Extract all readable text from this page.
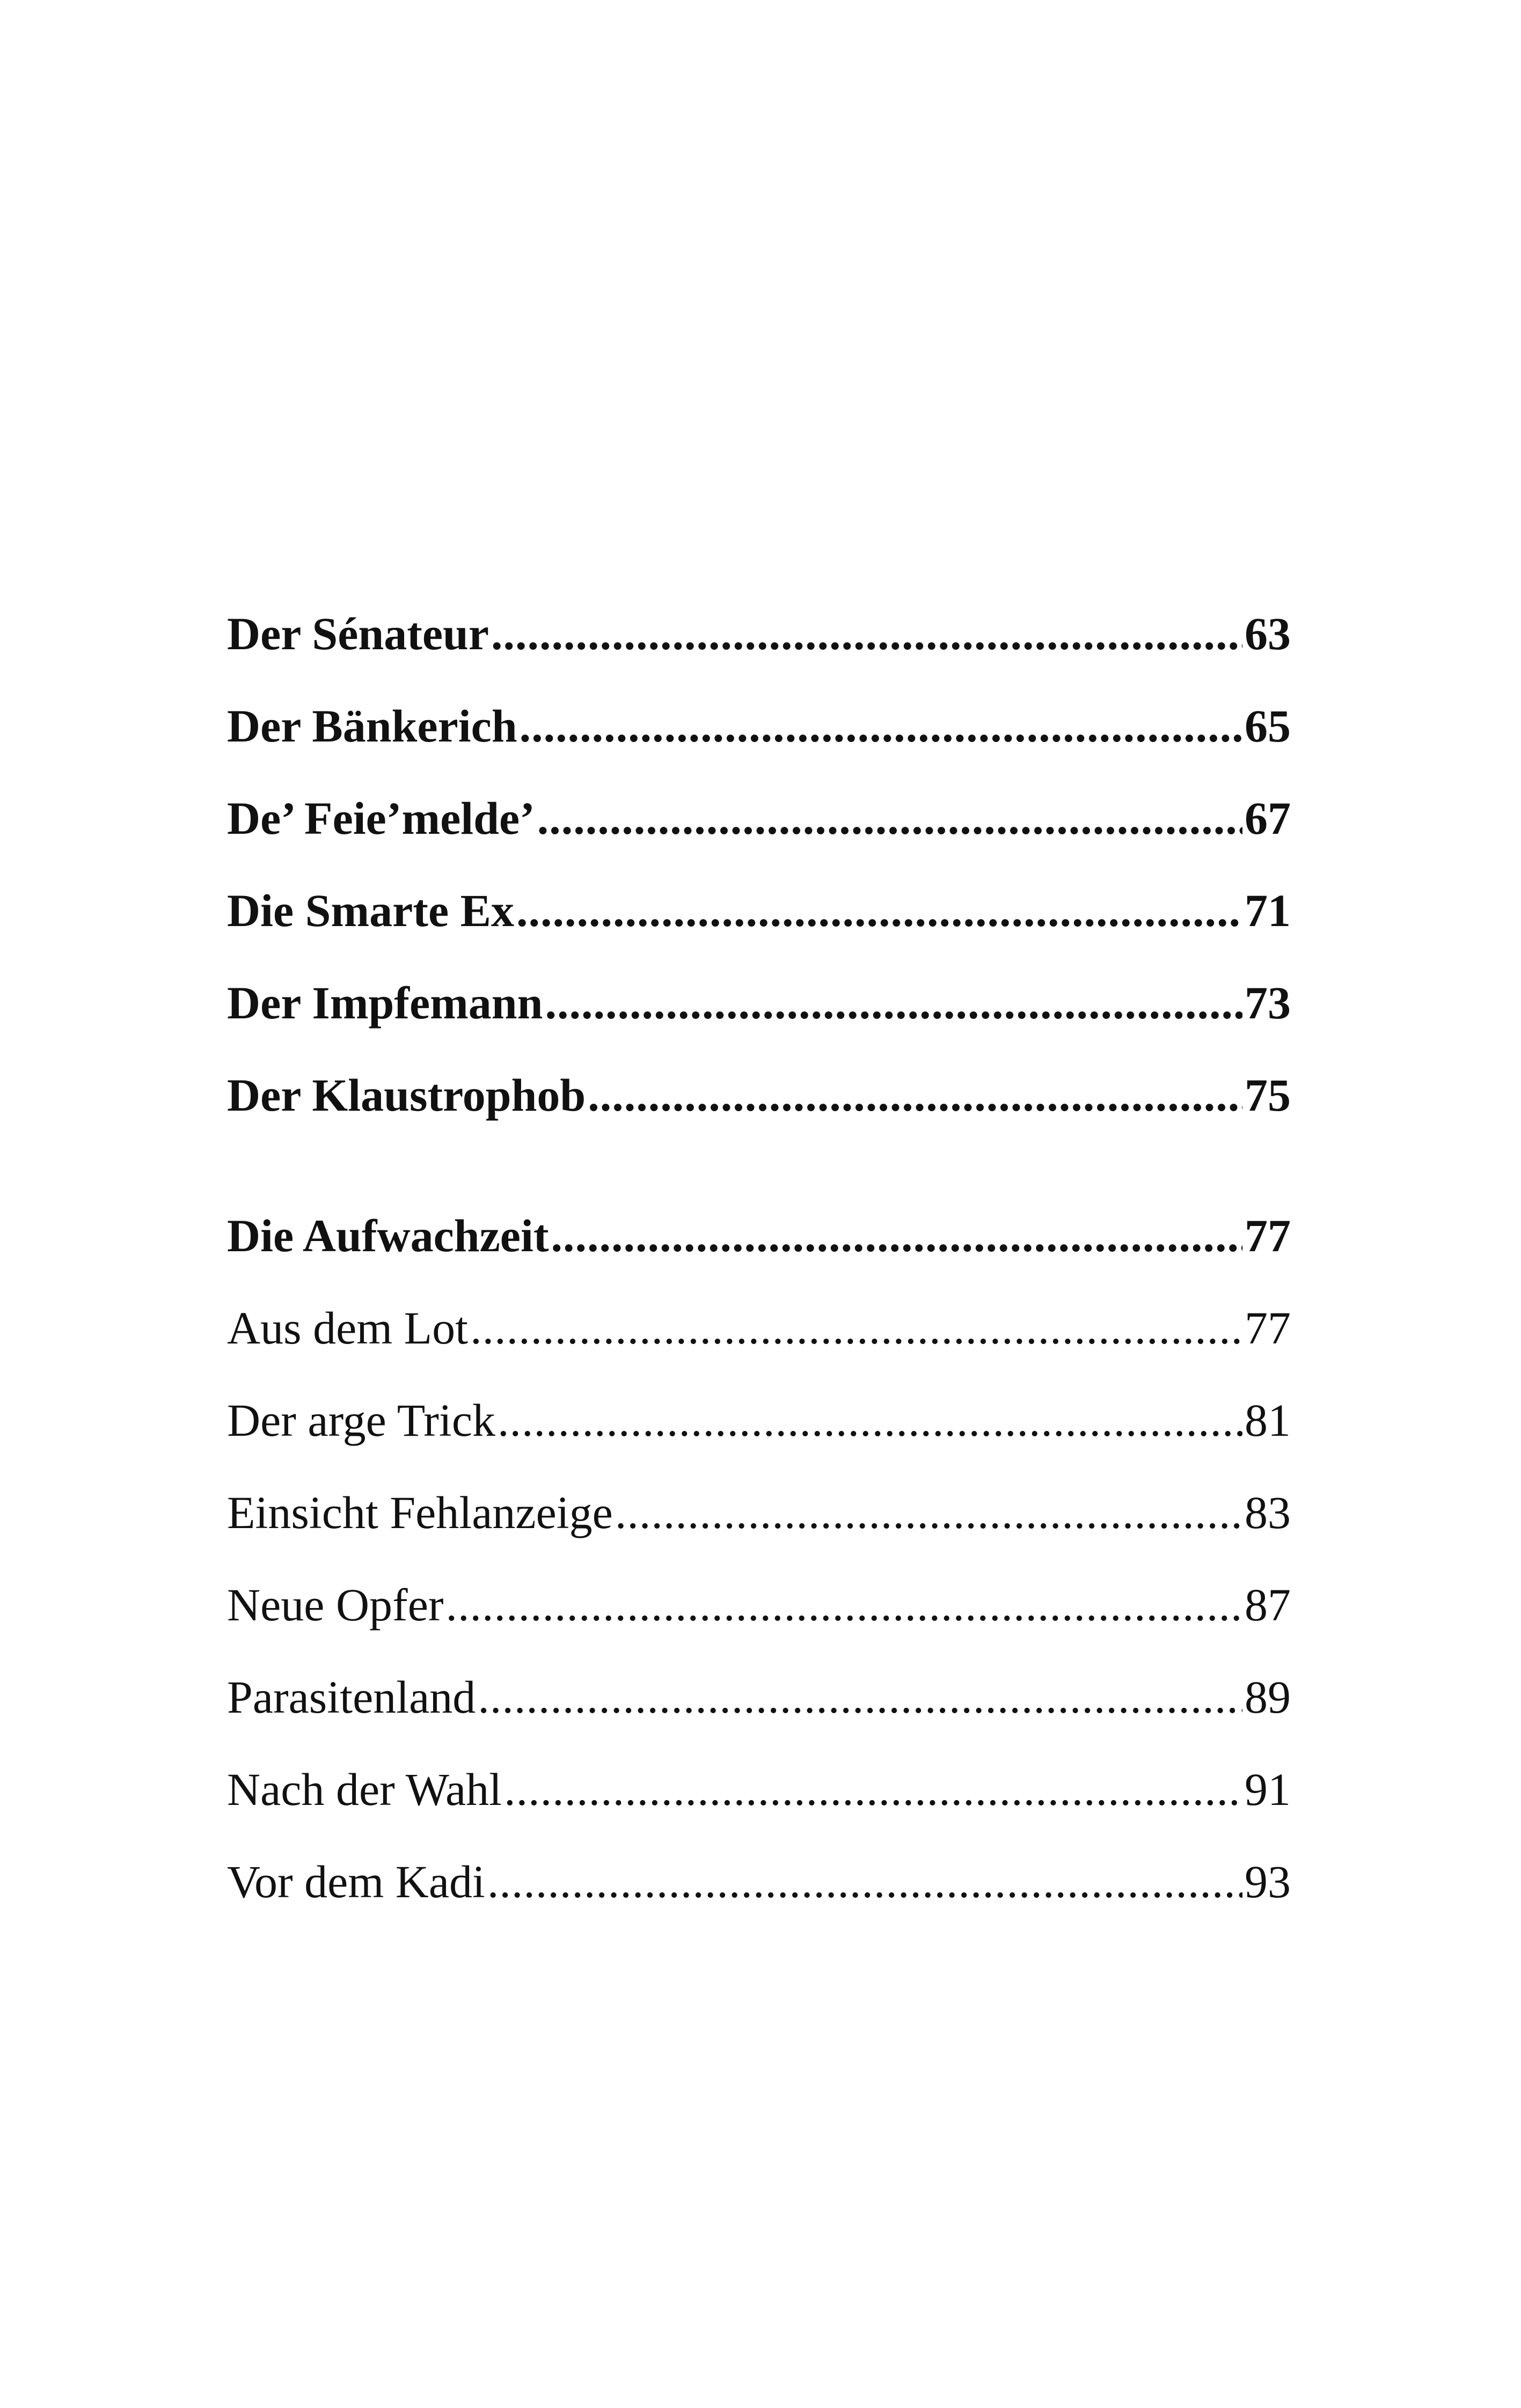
Der Sénateur .....	63
Der Bänkerich .....	65
De’ Feie’melde’ .....	67
Die Smarte Ex .....	71
Der Impfemann .....	73
Der Klaustrophob .....	75
Die Aufwachzeit .....	77
Aus dem Lot .....	77
Der arge Trick .....	81
Einsicht Fehlanzeige .....	83
Neue Opfer .....	87
Parasitenland .....	89
Nach der Wahl .....	91
Vor dem Kadi .....	93
